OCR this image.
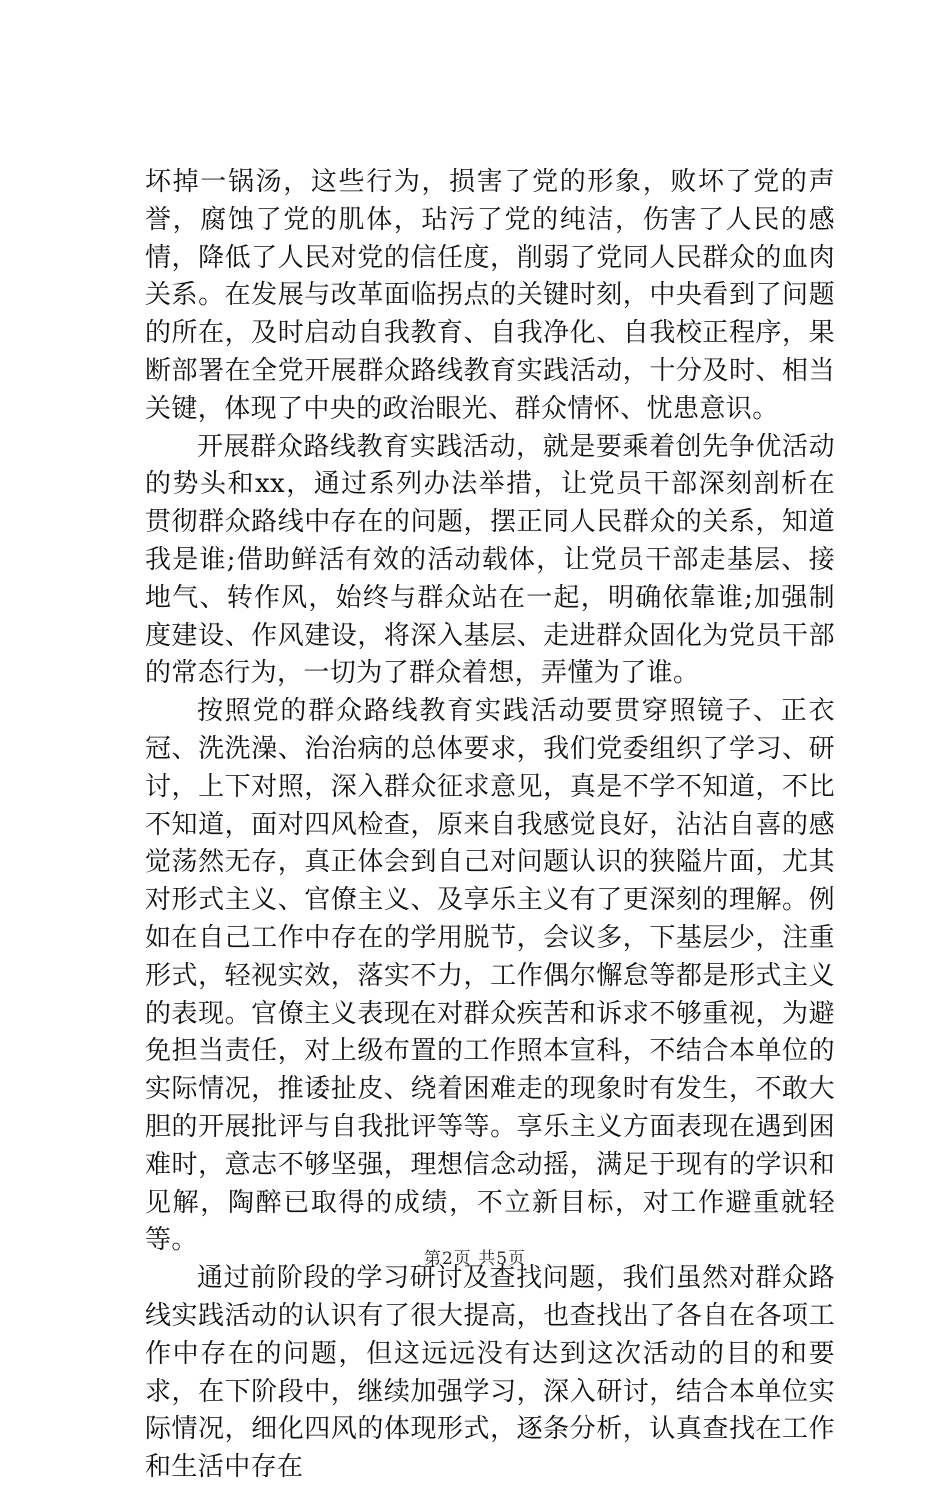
坏掉一锅汤，这些行为，损害了党的形象，败坏了党的声誉，腐蚀了党的肌体，玷污了党的纯洁，伤害了人民的感情，降低了人民对党的信任度，削弱了党同人民群众的血肉关系。在发展与改革面临拐点的关键时刻，中央看到了问题的所在，及时启动自我教育、自我净化、自我校正程序，果断部署在全党开展群众路线教育实践活动，十分及时、相当关键，体现了中央的政治眼光、群众情怀、忧患意识。

开展群众路线教育实践活动，就是要乘着创先争优活动的势头和xx，通过系列办法举措，让党员干部深刻剖析在贯彻群众路线中存在的问题，摆正同人民群众的关系，知道我是谁;借助鲜活有效的活动载体，让党员干部走基层、接地气、转作风，始终与群众站在一起，明确依靠谁;加强制度建设、作风建设，将深入基层、走进群众固化为党员干部的常态行为，一切为了群众着想，弄懂为了谁。

按照党的群众路线教育实践活动要贯穿照镜子、正衣冠、洗洗澡、治治病的总体要求，我们党委组织了学习、研讨，上下对照，深入群众征求意见，真是不学不知道，不比不知道，面对四风检查，原来自我感觉良好，沾沾自喜的感觉荡然无存，真正体会到自己对问题认识的狭隘片面，尤其对形式主义、官僚主义、及享乐主义有了更深刻的理解。例如在自己工作中存在的学用脱节，会议多，下基层少，注重形式，轻视实效，落实不力，工作偶尔懈怠等都是形式主义的表现。官僚主义表现在对群众疾苦和诉求不够重视，为避免担当责任，对上级布置的工作照本宣科，不结合本单位的实际情况，推诿扯皮、绕着困难走的现象时有发生，不敢大胆的开展批评与自我批评等等。享乐主义方面表现在遇到困难时，意志不够坚强，理想信念动摇，满足于现有的学识和见解，陶醉已取得的成绩，不立新目标，对工作避重就轻等。

通过前阶段的学习研讨及查找问题，我们虽然对群众路线实践活动的认识有了很大提高，也查找出了各自在各项工作中存在的问题，但这远远没有达到这次活动的目的和要求，在下阶段中，继续加强学习，深入研讨，结合本单位实际情况，细化四风的体现形式，逐条分析，认真查找在工作和生活中存在

第2页 共5页
